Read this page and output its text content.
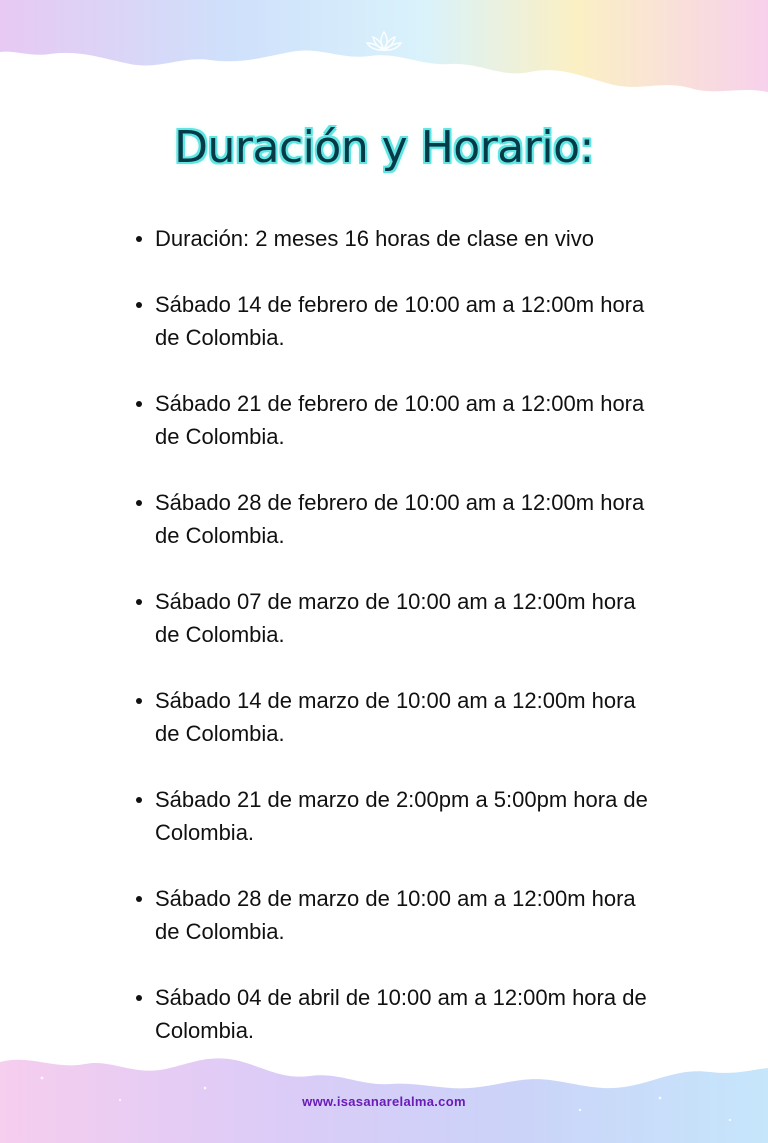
Duración y Horario:
Duración: 2 meses 16 horas de clase en vivo
Sábado 14 de febrero de 10:00 am a 12:00m hora de Colombia.
Sábado 21 de febrero de 10:00 am a 12:00m hora de Colombia.
Sábado 28 de febrero de 10:00 am a 12:00m hora de Colombia.
Sábado 07 de marzo de 10:00 am a 12:00m hora de Colombia.
Sábado 14 de marzo de 10:00 am a 12:00m hora de Colombia.
Sábado 21 de marzo de 2:00pm a 5:00pm hora de Colombia.
Sábado 28 de marzo de 10:00 am a 12:00m hora de Colombia.
Sábado 04 de abril de 10:00 am a 12:00m hora de Colombia.
www.isasanarelalma.com
